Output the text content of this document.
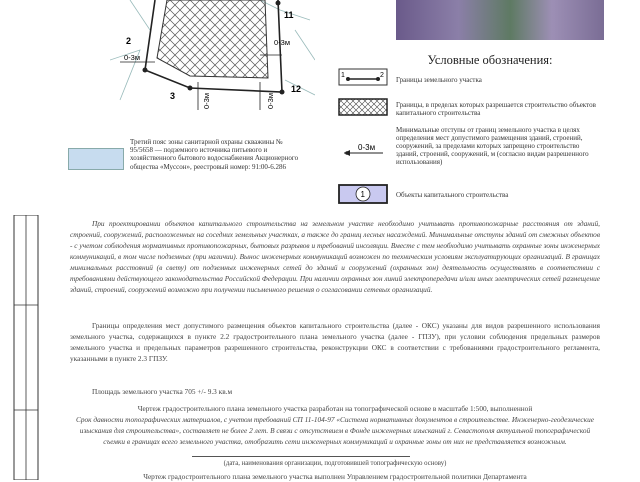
11
2
12
3
0-3м
0-3м
0-3м	0-3м
Условные обозначения:
1	2
Границы земельного участка
Границы, в пределах которых разрешается строительство объектов капитального строительства
0-3м
Минимальные отступы от границ земельного участка в целях определения мест допустимого размещения зданий, строений, сооружений, за пределами которых запрещено строительство зданий, строений, сооружений, м (согласно видам разрешенного использования)
1	Объекты капитального строительства
Третий пояс зоны санитарной охраны скважины № 95/5658 — подземного источника питьевого и хозяйственного бытового водоснабжения Акционерного общества «Муссон», реестровый номер: 91:00-6.286
При проектировании объектов капитального строительства на земельном участке необходимо учитывать противопожарные расстояния от зданий, строений, сооружений, расположенных на соседних земельных участках, а также до границ лесных насаждений. Минимальные отступы зданий от смежных объектов - с учетом соблюдения нормативных противопожарных, бытовых разрывов и требований инсоляции. Вместе с тем необходимо учитывать охранные зоны инженерных коммуникаций, в том числе подземных (при наличии). Вынос инженерных коммуникаций возможен по техническим условиям эксплуатирующих организаций. В границах минимальных расстояний (в свету) от подземных инженерных сетей до зданий и сооружений (охранных зон) деятельность осуществлять в соответствии с требованиями действующего законодательства Российской Федерации. При наличии охранных зон линий электропередачи и/или иных электрических сетей размещение зданий, строений, сооружений возможно при получении письменного решения о согласовании сетевых организаций.
Границы определения мест допустимого размещения объектов капитального строительства (далее - ОКС) указаны для видов разрешенного использования земельного участка, содержащихся в пункте 2.2 градостроительного плана земельного участка (далее - ГПЗУ), при условии соблюдения предельных размеров земельного участка и предельных параметров разрешенного строительства, реконструкции ОКС в соответствии с требованиями градостроительного регламента, указанными в пункте 2.3 ГПЗУ.
Площадь земельного участка 705 +/- 9.3 кв.м
Чертеж градостроительного плана земельного участка разработан на топографической основе в масштабе 1:500, выполненной
Срок давности топографических материалов, с учетом требований СП 11-104-97 «Система нормативных документов в строительстве. Инженерно-геодезические изыскания для строительства», составляет не более 2 лет. В связи с отсутствием в Фонде инженерных изысканий г. Севастополя актуальной топографической съемки в границах всего земельного участка, отобразить сети инженерных коммуникаций и охранные зоны от них не представляется возможным.
(дата, наименования организации, подготовившей топографическую основу)
Чертеж градостроительного плана земельного участка выполнен Управлением градостроительной политики Департамента
